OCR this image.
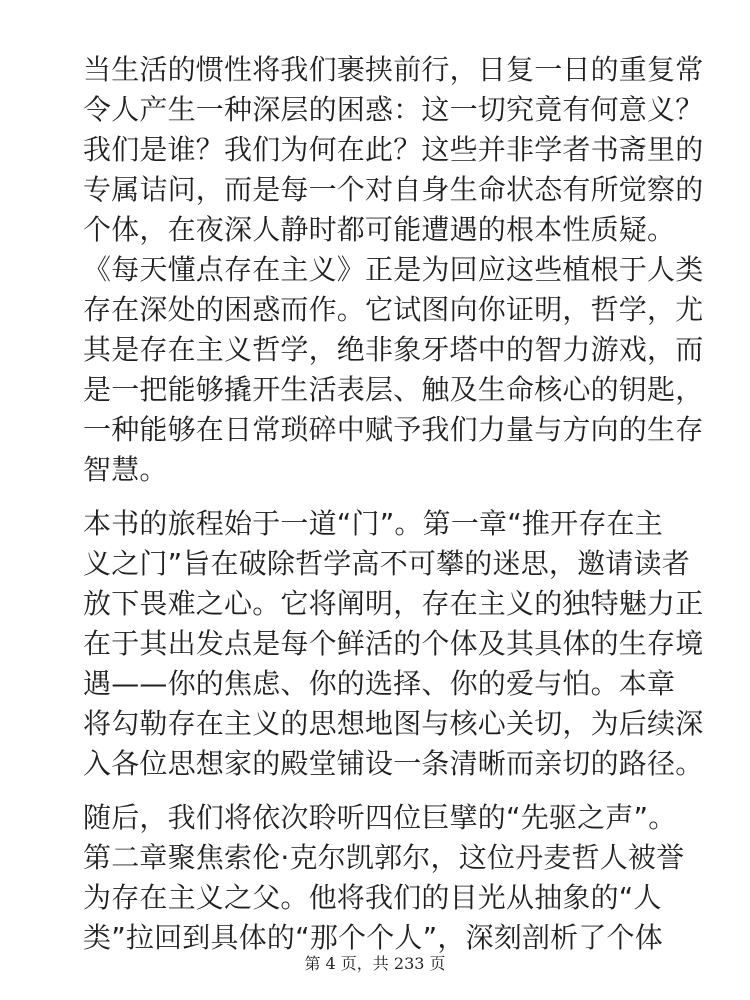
当生活的惯性将我们裹挟前行，日复一日的重复常
令人产生一种深层的困惑：这一切究竟有何意义？
我们是谁？我们为何在此？这些并非学者书斋里的
专属诘问，而是每一个对自身生命状态有所觉察的
个体，在夜深人静时都可能遭遇的根本性质疑。
《每天懂点存在主义》正是为回应这些植根于人类
存在深处的困惑而作。它试图向你证明，哲学，尤
其是存在主义哲学，绝非象牙塔中的智力游戏，而
是一把能够撬开生活表层、触及生命核心的钥匙，
一种能够在日常琐碎中赋予我们力量与方向的生存
智慧。
本书的旅程始于一道“门”。第一章“推开存在主
义之门”旨在破除哲学高不可攀的迷思，邀请读者
放下畏难之心。它将阐明，存在主义的独特魅力正
在于其出发点是每个鲜活的个体及其具体的生存境
遇——你的焦虑、你的选择、你的爱与怕。本章
将勾勒存在主义的思想地图与核心关切，为后续深
入各位思想家的殿堂铺设一条清晰而亲切的路径。
随后，我们将依次聆听四位巨擘的“先驱之声”。
第二章聚焦索伦·克尔凯郭尔，这位丹麦哲人被誉
为存在主义之父。他将我们的目光从抽象的“人
类”拉回到具体的“那个个人”，深刻剖析了个体
第 4 页，共 233 页
